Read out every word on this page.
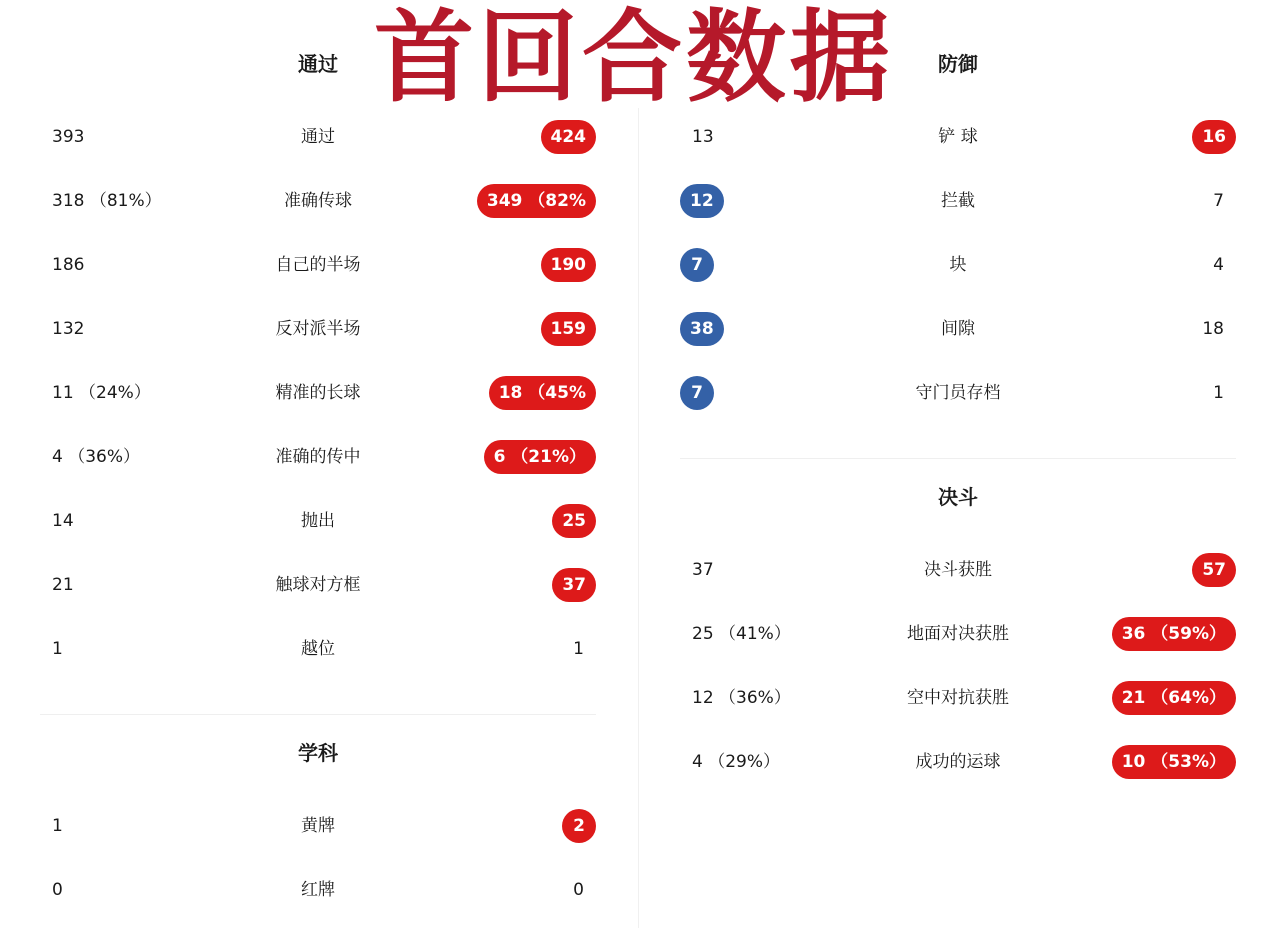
首回合数据
通过
学科
393	通过	424
318 （81%）	准确传球	349 （82%
186	自己的半场	190
132	反对派半场	159
11 （24%）	精准的长球	18 （45%
4 （36%）	准确的传中	6 （21%）
14	抛出	25
21	触球对方框	37
1	越位	1
1	黄牌	2
0	红牌	0
防御
决斗
13	铲 球	16
12	拦截	7
7	块	4
38	间隙	18
7	守门员存档	1
37	决斗获胜	57
25 （41%）	地面对决获胜	36 （59%）
12 （36%）	空中对抗获胜	21 （64%）
4 （29%）	成功的运球	10 （53%）
